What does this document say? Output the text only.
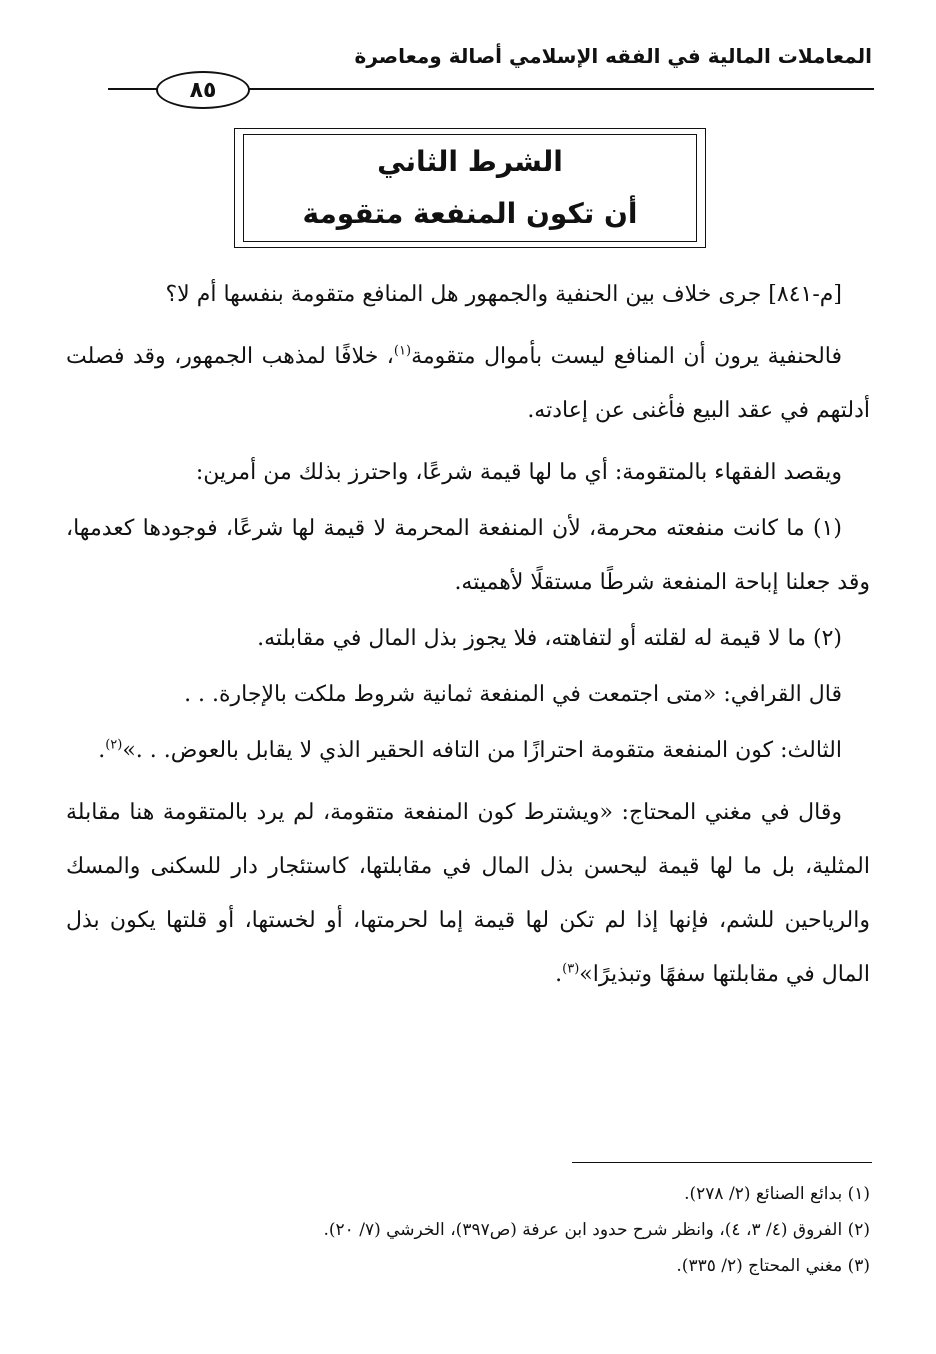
المعاملات المالية في الفقه الإسلامي أصالة ومعاصرة
٨٥
الشرط الثاني
أن تكون المنفعة متقومة

[م-٨٤١] جرى خلاف بين الحنفية والجمهور هل المنافع متقومة بنفسها أم لا؟

فالحنفية يرون أن المنافع ليست بأموال متقومة$^{(١)}$، خلافًا لمذهب الجمهور، وقد فصلت أدلتهم في عقد البيع فأغنى عن إعادته.

ويقصد الفقهاء بالمتقومة: أي ما لها قيمة شرعًا، واحترز بذلك من أمرين:

(١) ما كانت منفعته محرمة، لأن المنفعة المحرمة لا قيمة لها شرعًا، فوجودها كعدمها، وقد جعلنا إباحة المنفعة شرطًا مستقلًا لأهميته.

(٢) ما لا قيمة له لقلته أو لتفاهته، فلا يجوز بذل المال في مقابلته.

قال القرافي: «متى اجتمعت في المنفعة ثمانية شروط ملكت بالإجارة. . .

الثالث: كون المنفعة متقومة احترازًا من التافه الحقير الذي لا يقابل بالعوض. . .»$^{(٢)}$.

وقال في مغني المحتاج: «ويشترط كون المنفعة متقومة، لم يرد بالمتقومة هنا مقابلة المثلية، بل ما لها قيمة ليحسن بذل المال في مقابلتها، كاستئجار دار للسكنى والمسك والرياحين للشم، فإنها إذا لم تكن لها قيمة إما لحرمتها، أو لخستها، أو قلتها يكون بذل المال في مقابلتها سفهًا وتبذيرًا»$^{(٣)}$.

(١) بدائع الصنائع (٢/ ٢٧٨).
(٢) الفروق (٤/ ٣، ٤)، وانظر شرح حدود ابن عرفة (ص٣٩٧)، الخرشي (٧/ ٢٠).
(٣) مغني المحتاج (٢/ ٣٣٥).
